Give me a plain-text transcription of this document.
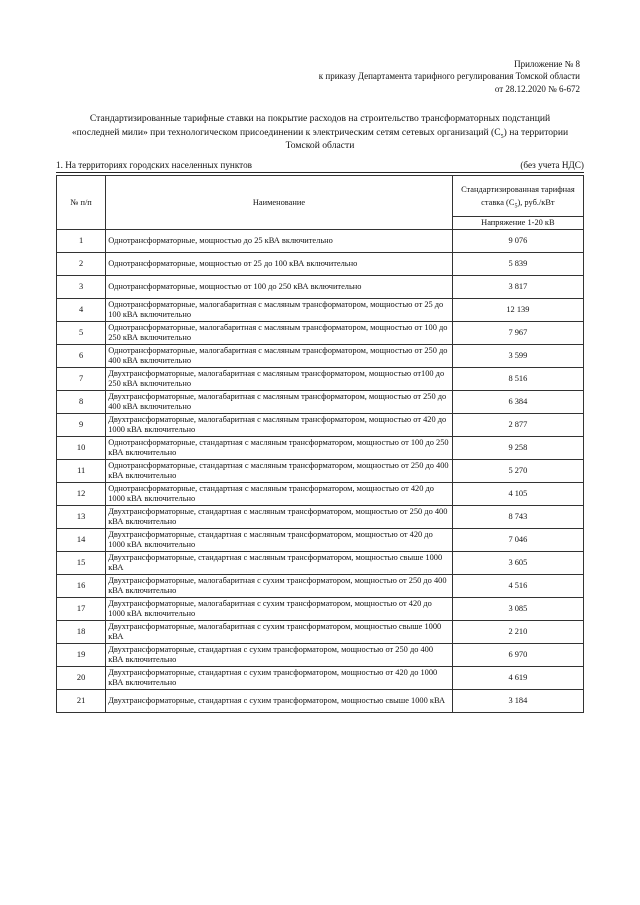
Приложение № 8
к приказу Департамента тарифного регулирования Томской области
от 28.12.2020 № 6-672
Стандартизированные тарифные ставки на покрытие расходов на строительство трансформаторных подстанций
«последней мили» при технологическом присоединении к электрическим сетям сетевых организаций $(С_5)$ на территории
Томской области
1. На территориях городских населенных пунктов	(без учета НДС)
№ п/п	Наименование	Стандартизированная тарифная ставка $(С_5)$, руб./кВт
		Напряжение 1-20 кВ
1	Однотрансформаторные, мощностью до 25 кВА включительно	9 076
2	Однотрансформаторные, мощностью от 25 до 100 кВА включительно	5 839
3	Однотрансформаторные, мощностью от 100 до 250 кВА включительно	3 817
4	Однотрансформаторные, малогабаритная с масляным трансформатором, мощностью от 25 до 100 кВА включительно	12 139
5	Однотрансформаторные, малогабаритная с масляным трансформатором, мощностью от 100 до 250 кВА включительно	7 967
6	Однотрансформаторные, малогабаритная с масляным трансформатором, мощностью от 250 до 400 кВА включительно	3 599
7	Двухтрансформаторные, малогабаритная с масляным трансформатором, мощностью от100 до 250 кВА включительно	8 516
8	Двухтрансформаторные, малогабаритная с масляным трансформатором, мощностью от 250 до 400 кВА включительно	6 384
9	Двухтрансформаторные, малогабаритная с масляным трансформатором, мощностью от 420 до 1000 кВА включительно	2 877
10	Однотрансформаторные, стандартная с масляным трансформатором, мощностью от 100 до 250 кВА включительно	9 258
11	Однотрансформаторные, стандартная с масляным трансформатором, мощностью от 250 до 400 кВА включительно	5 270
12	Однотрансформаторные, стандартная с масляным трансформатором, мощностью от 420 до 1000 кВА включительно	4 105
13	Двухтрансформаторные, стандартная с масляным трансформатором, мощностью от 250 до 400 кВА включительно	8 743
14	Двухтрансформаторные, стандартная с масляным трансформатором, мощностью от 420 до 1000 кВА включительно	7 046
15	Двухтрансформаторные, стандартная с масляным трансформатором, мощностью свыше 1000 кВА	3 605
16	Двухтрансформаторные, малогабаритная с сухим трансформатором, мощностью от 250 до 400 кВА включительно	4 516
17	Двухтрансформаторные, малогабаритная с сухим трансформатором, мощностью от 420 до 1000 кВА включительно	3 085
18	Двухтрансформаторные, малогабаритная с сухим трансформатором, мощностью свыше 1000 кВА	2 210
19	Двухтрансформаторные, стандартная с сухим трансформатором, мощностью от 250 до 400 кВА включительно	6 970
20	Двухтрансформаторные, стандартная с сухим трансформатором, мощностью от 420 до 1000 кВА включительно	4 619
21	Двухтрансформаторные, стандартная с сухим трансформатором, мощностью свыше 1000 кВА	3 184
